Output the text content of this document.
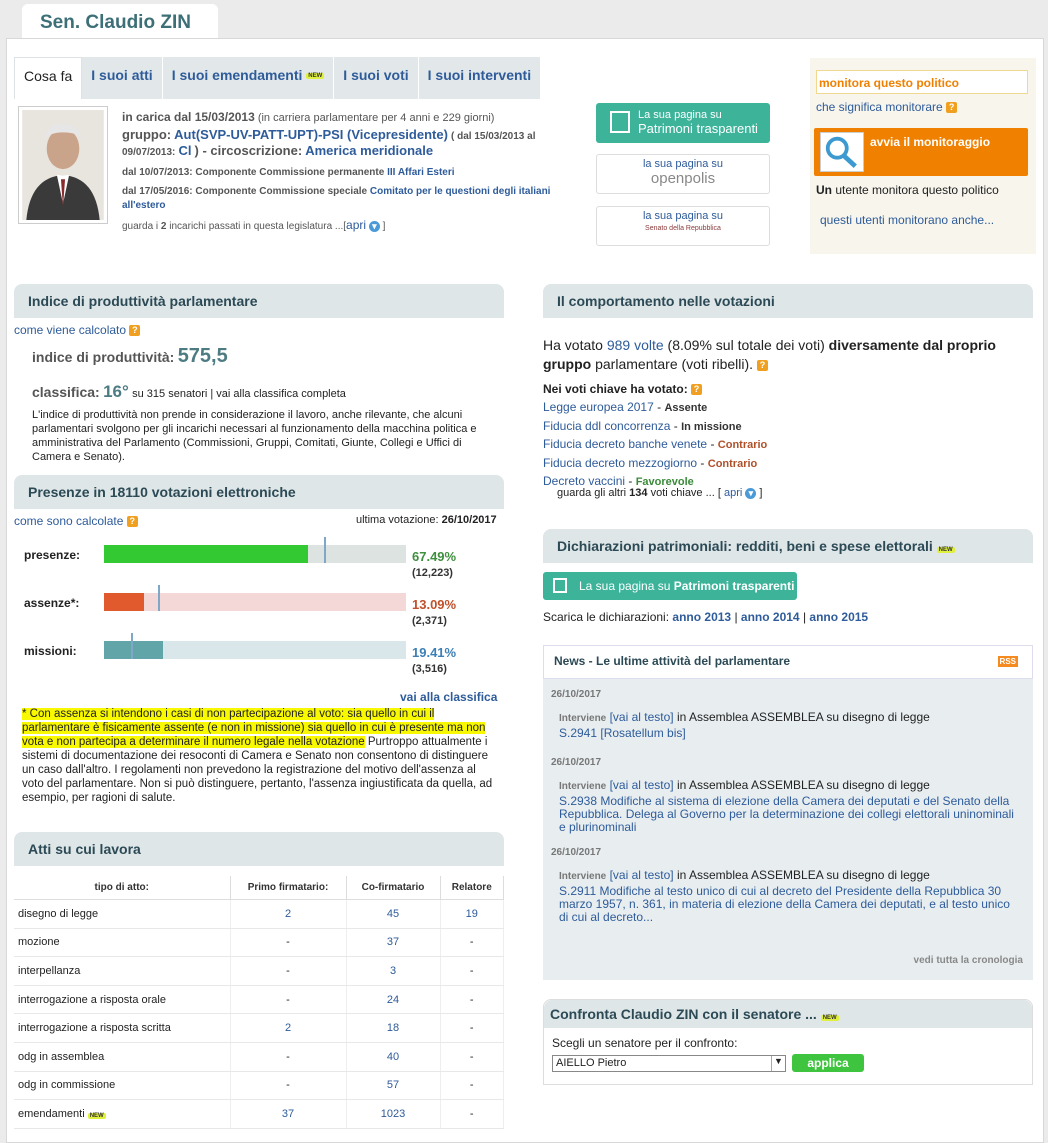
Sen. Claudio ZIN
Cosa fa	I suoi atti	I suoi emendamenti NEW	I suoi voti	I suoi interventi
in carica dal 15/03/2013 (in carriera parlamentare per 4 anni e 229 giorni)
gruppo: Aut(SVP-UV-PATT-UPT)-PSI (Vicepresidente) ( dal 15/03/2013 al 09/07/2013: Cl ) - circoscrizione: America meridionale
dal 10/07/2013: Componente Commissione permanente III Affari Esteri
dal 17/05/2016: Componente Commissione speciale Comitato per le questioni degli italiani all'estero
guarda i 2 incarichi passati in questa legislatura ...[apri ▾ ]
La sua pagina su
Patrimoni trasparenti
la sua pagina su
openpolis
la sua pagina su
Senato della Repubblica
monitora questo politico
che significa monitorare ?
avvia il monitoraggio
Un utente monitora questo politico
questi utenti monitorano anche...
Indice di produttività parlamentare
come viene calcolato ?
indice di produttività: 575,5
classifica: 16° su 315 senatori | vai alla classifica completa
L'indice di produttività non prende in considerazione il lavoro, anche rilevante, che alcuni parlamentari svolgono per gli incarichi necessari al funzionamento della macchina politica e amministrativa del Parlamento (Commissioni, Gruppi, Comitati, Giunte, Collegi e Uffici di Camera e Senato).
Presenze in 18110 votazioni elettroniche
come sono calcolate ?	ultima votazione: 26/10/2017
presenze:	67.49%
(12,223)
assenze*:	13.09%
(2,371)
missioni:	19.41%
(3,516)
vai alla classifica
* Con assenza si intendono i casi di non partecipazione al voto: sia quello in cui il parlamentare è fisicamente assente (e non in missione) sia quello in cui è presente ma non vota e non partecipa a determinare il numero legale nella votazione Purtroppo attualmente i sistemi di documentazione dei resoconti di Camera e Senato non consentono di distinguere un caso dall'altro. I regolamenti non prevedono la registrazione del motivo dell'assenza al voto del parlamentare. Non si può distinguere, pertanto, l'assenza ingiustificata da quella, ad esempio, per ragioni di salute.
Atti su cui lavora
tipo di atto:	Primo firmatario:	Co-firmatario	Relatore
disegno di legge	2	45	19
mozione	-	37	-
interpellanza	-	3	-
interrogazione a risposta orale	-	24	-
interrogazione a risposta scritta	2	18	-
odg in assemblea	-	40	-
odg in commissione	-	57	-
emendamenti NEW	37	1023	-
Il comportamento nelle votazioni
Ha votato 989 volte (8.09% sul totale dei voti) diversamente dal proprio gruppo parlamentare (voti ribelli). ?
Nei voti chiave ha votato: ?
Legge europea 2017 - Assente
Fiducia ddl concorrenza - In missione
Fiducia decreto banche venete - Contrario
Fiducia decreto mezzogiorno - Contrario
Decreto vaccini - Favorevole
guarda gli altri 134 voti chiave ... [ apri ▾ ]
Dichiarazioni patrimoniali: redditi, beni e spese elettorali NEW
La sua pagina su Patrimoni trasparenti
Scarica le dichiarazioni: anno 2013 | anno 2014 | anno 2015
News - Le ultime attività del parlamentare	RSS
26/10/2017
Interviene [vai al testo] in Assemblea ASSEMBLEA su disegno di legge
S.2941 [Rosatellum bis]
26/10/2017
Interviene [vai al testo] in Assemblea ASSEMBLEA su disegno di legge
S.2938 Modifiche al sistema di elezione della Camera dei deputati e del Senato della Repubblica. Delega al Governo per la determinazione dei collegi elettorali uninominali e plurinominali
26/10/2017
Interviene [vai al testo] in Assemblea ASSEMBLEA su disegno di legge
S.2911 Modifiche al testo unico di cui al decreto del Presidente della Repubblica 30 marzo 1957, n. 361, in materia di elezione della Camera dei deputati, e al testo unico di cui al decreto...
vedi tutta la cronologia
Confronta Claudio ZIN con il senatore ... NEW
Scegli un senatore per il confronto:
AIELLO Pietro	▼	applica
